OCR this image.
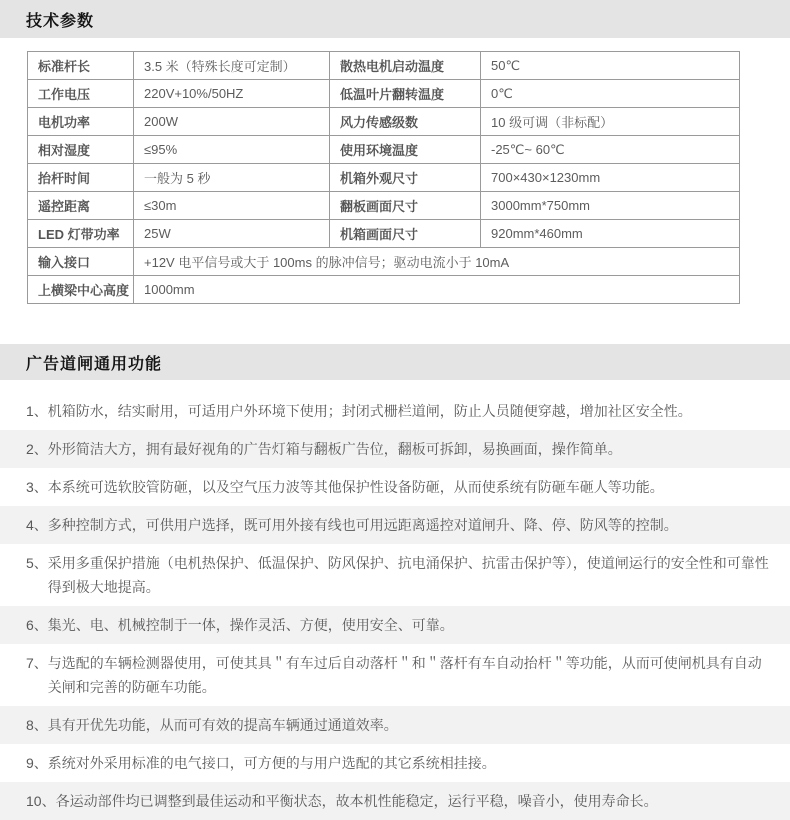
技术参数
标准杆长	3.5 米（特殊长度可定制）	散热电机启动温度	50℃
工作电压	220V+10%/50HZ	低温叶片翻转温度	0℃
电机功率	200W	风力传感级数	10 级可调（非标配）
相对湿度	≤95%	使用环境温度	-25℃~ 60℃
抬杆时间	一般为 5 秒	机箱外观尺寸	700×430×1230mm
遥控距离	≤30m	翻板画面尺寸	3000mm*750mm
LED 灯带功率	25W	机箱画面尺寸	920mm*460mm
输入接口	+12V 电平信号或大于 100ms 的脉冲信号；驱动电流小于 10mA		
上横梁中心高度	1000mm		
广告道闸通用功能
1、 机箱防水，结实耐用，可适用户外环境下使用；封闭式栅栏道闸，防止人员随便穿越，增加社区安全性。
2、 外形简洁大方，拥有最好视角的广告灯箱与翻板广告位，翻板可拆卸，易换画面，操作简单。
3、 本系统可选软胶管防砸，以及空气压力波等其他保护性设备防砸，从而使系统有防砸车砸人等功能。
4、 多种控制方式，可供用户选择，既可用外接有线也可用远距离遥控对道闸升、降、停、防风等的控制。
5、 采用多重保护措施（电机热保护、低温保护、防风保护、抗电涌保护、抗雷击保护等），使道闸运行的安全性和可靠性得到极大地提高。
6、 集光、电、机械控制于一体，操作灵活、方便，使用安全、可靠。
7、 与选配的车辆检测器使用，可使其具＂有车过后自动落杆＂和＂落杆有车自动抬杆＂等功能，从而可使闸机具有自动关闸和完善的防砸车功能。
8、 具有开优先功能，从而可有效的提高车辆通过通道效率。
9、 系统对外采用标准的电气接口，可方便的与用户选配的其它系统相挂接。
10、 各运动部件均已调整到最佳运动和平衡状态，故本机性能稳定，运行平稳，噪音小，使用寿命长。
